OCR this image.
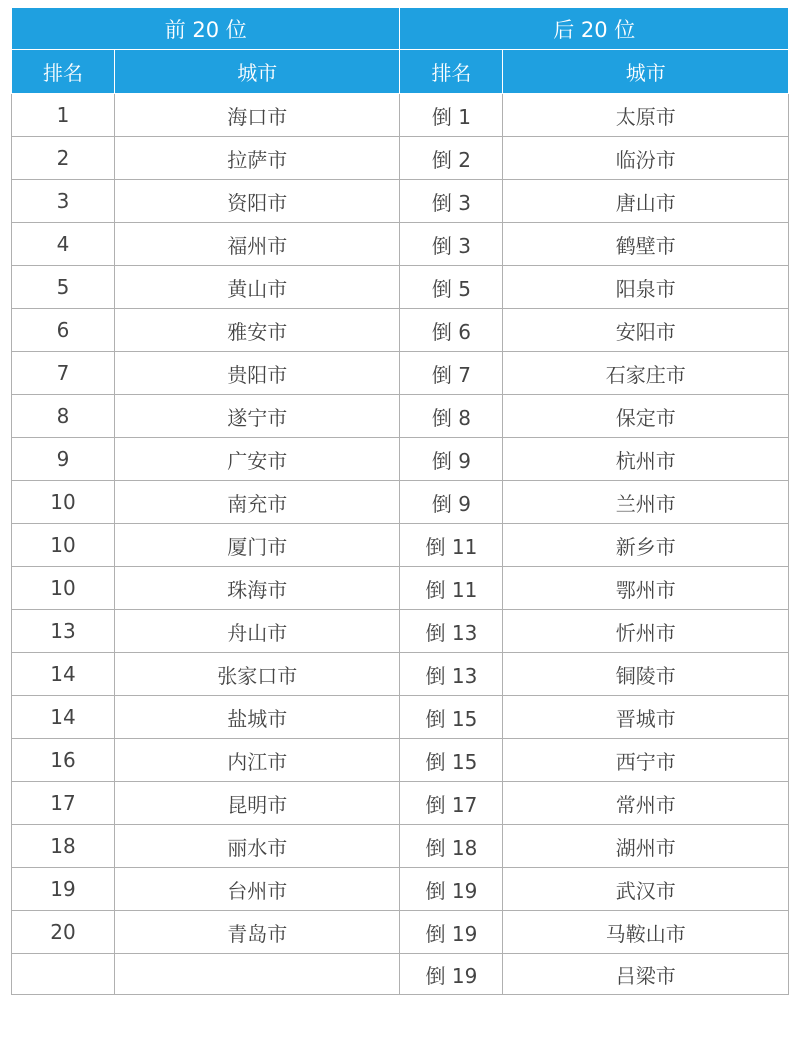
前 20 位		后 20 位	
排名	城市	排名	城市
1	海口市	倒 1	太原市
2	拉萨市	倒 2	临汾市
3	资阳市	倒 3	唐山市
4	福州市	倒 3	鹤壁市
5	黄山市	倒 5	阳泉市
6	雅安市	倒 6	安阳市
7	贵阳市	倒 7	石家庄市
8	遂宁市	倒 8	保定市
9	广安市	倒 9	杭州市
10	南充市	倒 9	兰州市
10	厦门市	倒 11	新乡市
10	珠海市	倒 11	鄂州市
13	舟山市	倒 13	忻州市
14	张家口市	倒 13	铜陵市
14	盐城市	倒 15	晋城市
16	内江市	倒 15	西宁市
17	昆明市	倒 17	常州市
18	丽水市	倒 18	湖州市
19	台州市	倒 19	武汉市
20	青岛市	倒 19	马鞍山市
		倒 19	吕梁市
